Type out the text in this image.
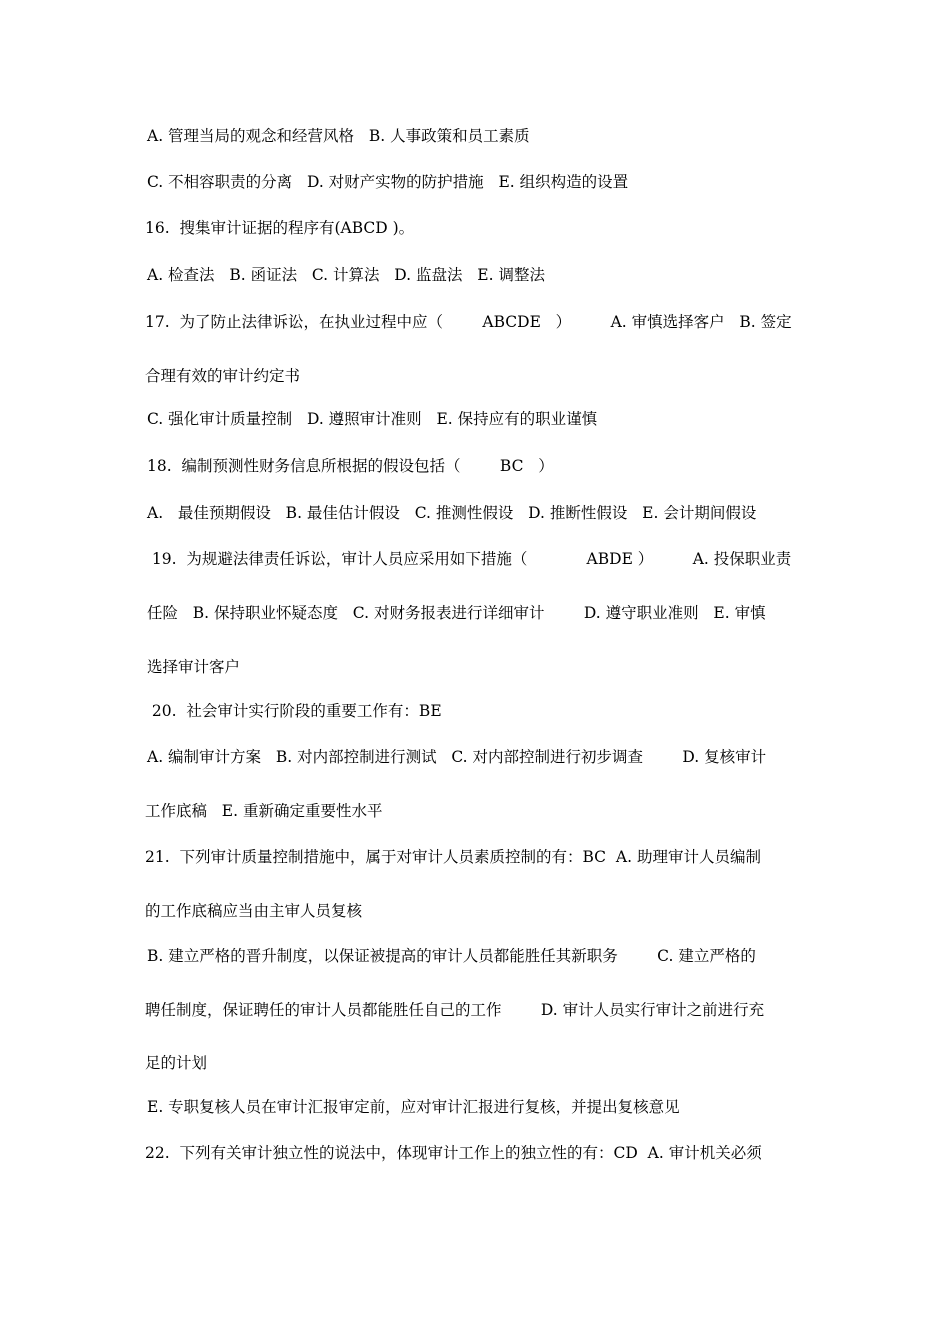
A. 管理当局的观念和经营风格   B. 人事政策和员工素质
C. 不相容职责的分离   D. 对财产实物的防护措施   E. 组织构造的设置
16.  搜集审计证据的程序有(ABCD )。
A. 检查法   B. 函证法   C. 计算法   D. 监盘法   E. 调整法
17.  为了防止法律诉讼，在执业过程中应（        ABCDE   ）        A. 审慎选择客户   B. 签定
合理有效的审计约定书
C. 强化审计质量控制   D. 遵照审计准则   E. 保持应有的职业谨慎
18.  编制预测性财务信息所根据的假设包括（        BC   ）
A.   最佳预期假设   B. 最佳估计假设   C. 推测性假设   D. 推断性假设   E. 会计期间假设
19.  为规避法律责任诉讼，审计人员应采用如下措施（            ABDE ）        A. 投保职业责
任险   B. 保持职业怀疑态度   C. 对财务报表进行详细审计        D. 遵守职业准则   E. 审慎
选择审计客户
20.  社会审计实行阶段的重要工作有：BE
A. 编制审计方案   B. 对内部控制进行测试   C. 对内部控制进行初步调查        D. 复核审计
工作底稿   E. 重新确定重要性水平
21.  下列审计质量控制措施中，属于对审计人员素质控制的有：BC  A. 助理审计人员编制
的工作底稿应当由主审人员复核
B. 建立严格的晋升制度，以保证被提高的审计人员都能胜任其新职务        C. 建立严格的
聘任制度，保证聘任的审计人员都能胜任自己的工作        D. 审计人员实行审计之前进行充
足的计划
E. 专职复核人员在审计汇报审定前，应对审计汇报进行复核，并提出复核意见
22.  下列有关审计独立性的说法中，体现审计工作上的独立性的有：CD  A. 审计机关必须
